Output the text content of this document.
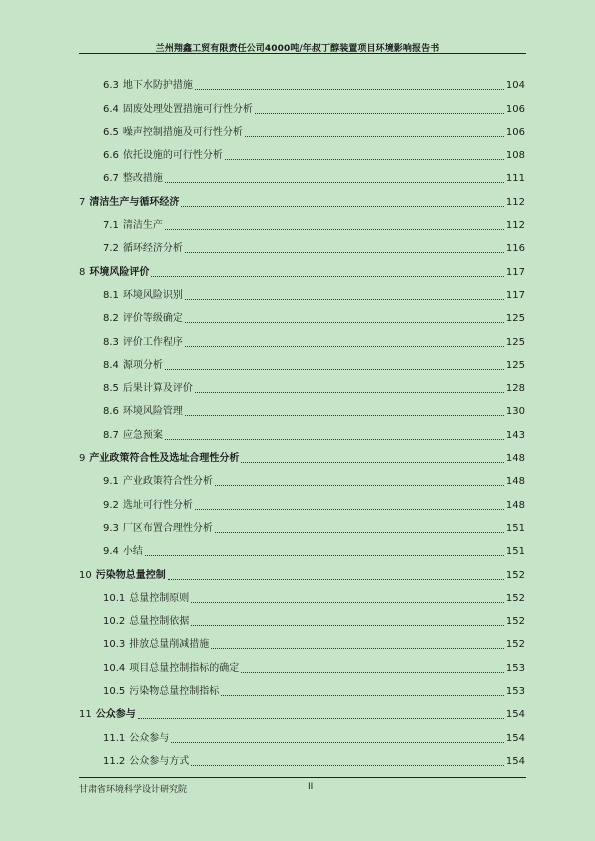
兰州翔鑫工贸有限责任公司4000吨/年叔丁醇装置项目环境影响报告书
6.3 地下水防护措施	104
6.4 固废处理处置措施可行性分析	106
6.5 噪声控制措施及可行性分析	106
6.6 依托设施的可行性分析	108
6.7 整改措施	111
7 清洁生产与循环经济	112
7.1 清洁生产	112
7.2 循环经济分析	116
8 环境风险评价	117
8.1 环境风险识别	117
8.2 评价等级确定	125
8.3 评价工作程序	125
8.4 源项分析	125
8.5 后果计算及评价	128
8.6 环境风险管理	130
8.7 应急预案	143
9 产业政策符合性及选址合理性分析	148
9.1 产业政策符合性分析	148
9.2 选址可行性分析	148
9.3 厂区布置合理性分析	151
9.4 小结	151
10 污染物总量控制	152
10.1 总量控制原则	152
10.2 总量控制依据	152
10.3 排放总量削减措施	152
10.4 项目总量控制指标的确定	153
10.5 污染物总量控制指标	153
11 公众参与	154
11.1 公众参与	154
11.2 公众参与方式	154
甘肃省环境科学设计研究院	II
